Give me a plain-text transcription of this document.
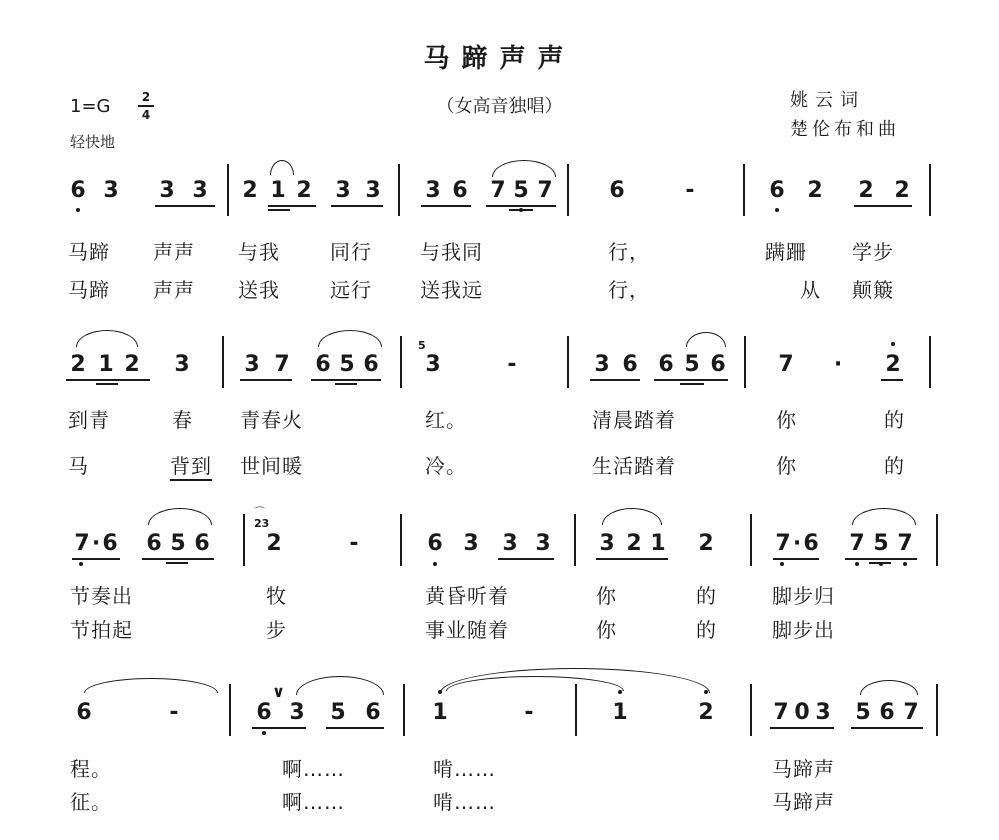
马蹄声声
（女高音独唱）
1=G	2
4
轻快地
姚云词
楚伦布和曲
6 3 3 3 2 1 2 3 3 3 6 7 5 7	6	-	6 2 2 2
马蹄 声声 与我	同行 与我同	行，	蹒跚 学步
马蹄 声声 送我	远行 送我远	行，	从 颠簸
2 1 2 3 3 7 6 5 6 3	-	3 6 6 5 6 7 · 2
5
到青	春 青春火	红。	清晨踏着	你	的
马	背到 世间暖	冷。	生活踏着	你	的
7 · 6 6 5 6	2	-	6 3 3 3 3 2 1 2	7 · 6 7 5 7
23
⌒
节奏出	牧	黄昏听着	你	的	脚步归
节拍起	步	事业随着	你	的	脚步出
6	-	6 3 5 6 1	-	1	2	7 0 3 5 6 7
∨
程。	啊……	啃……	马蹄声
征。	啊……	啃……	马蹄声
